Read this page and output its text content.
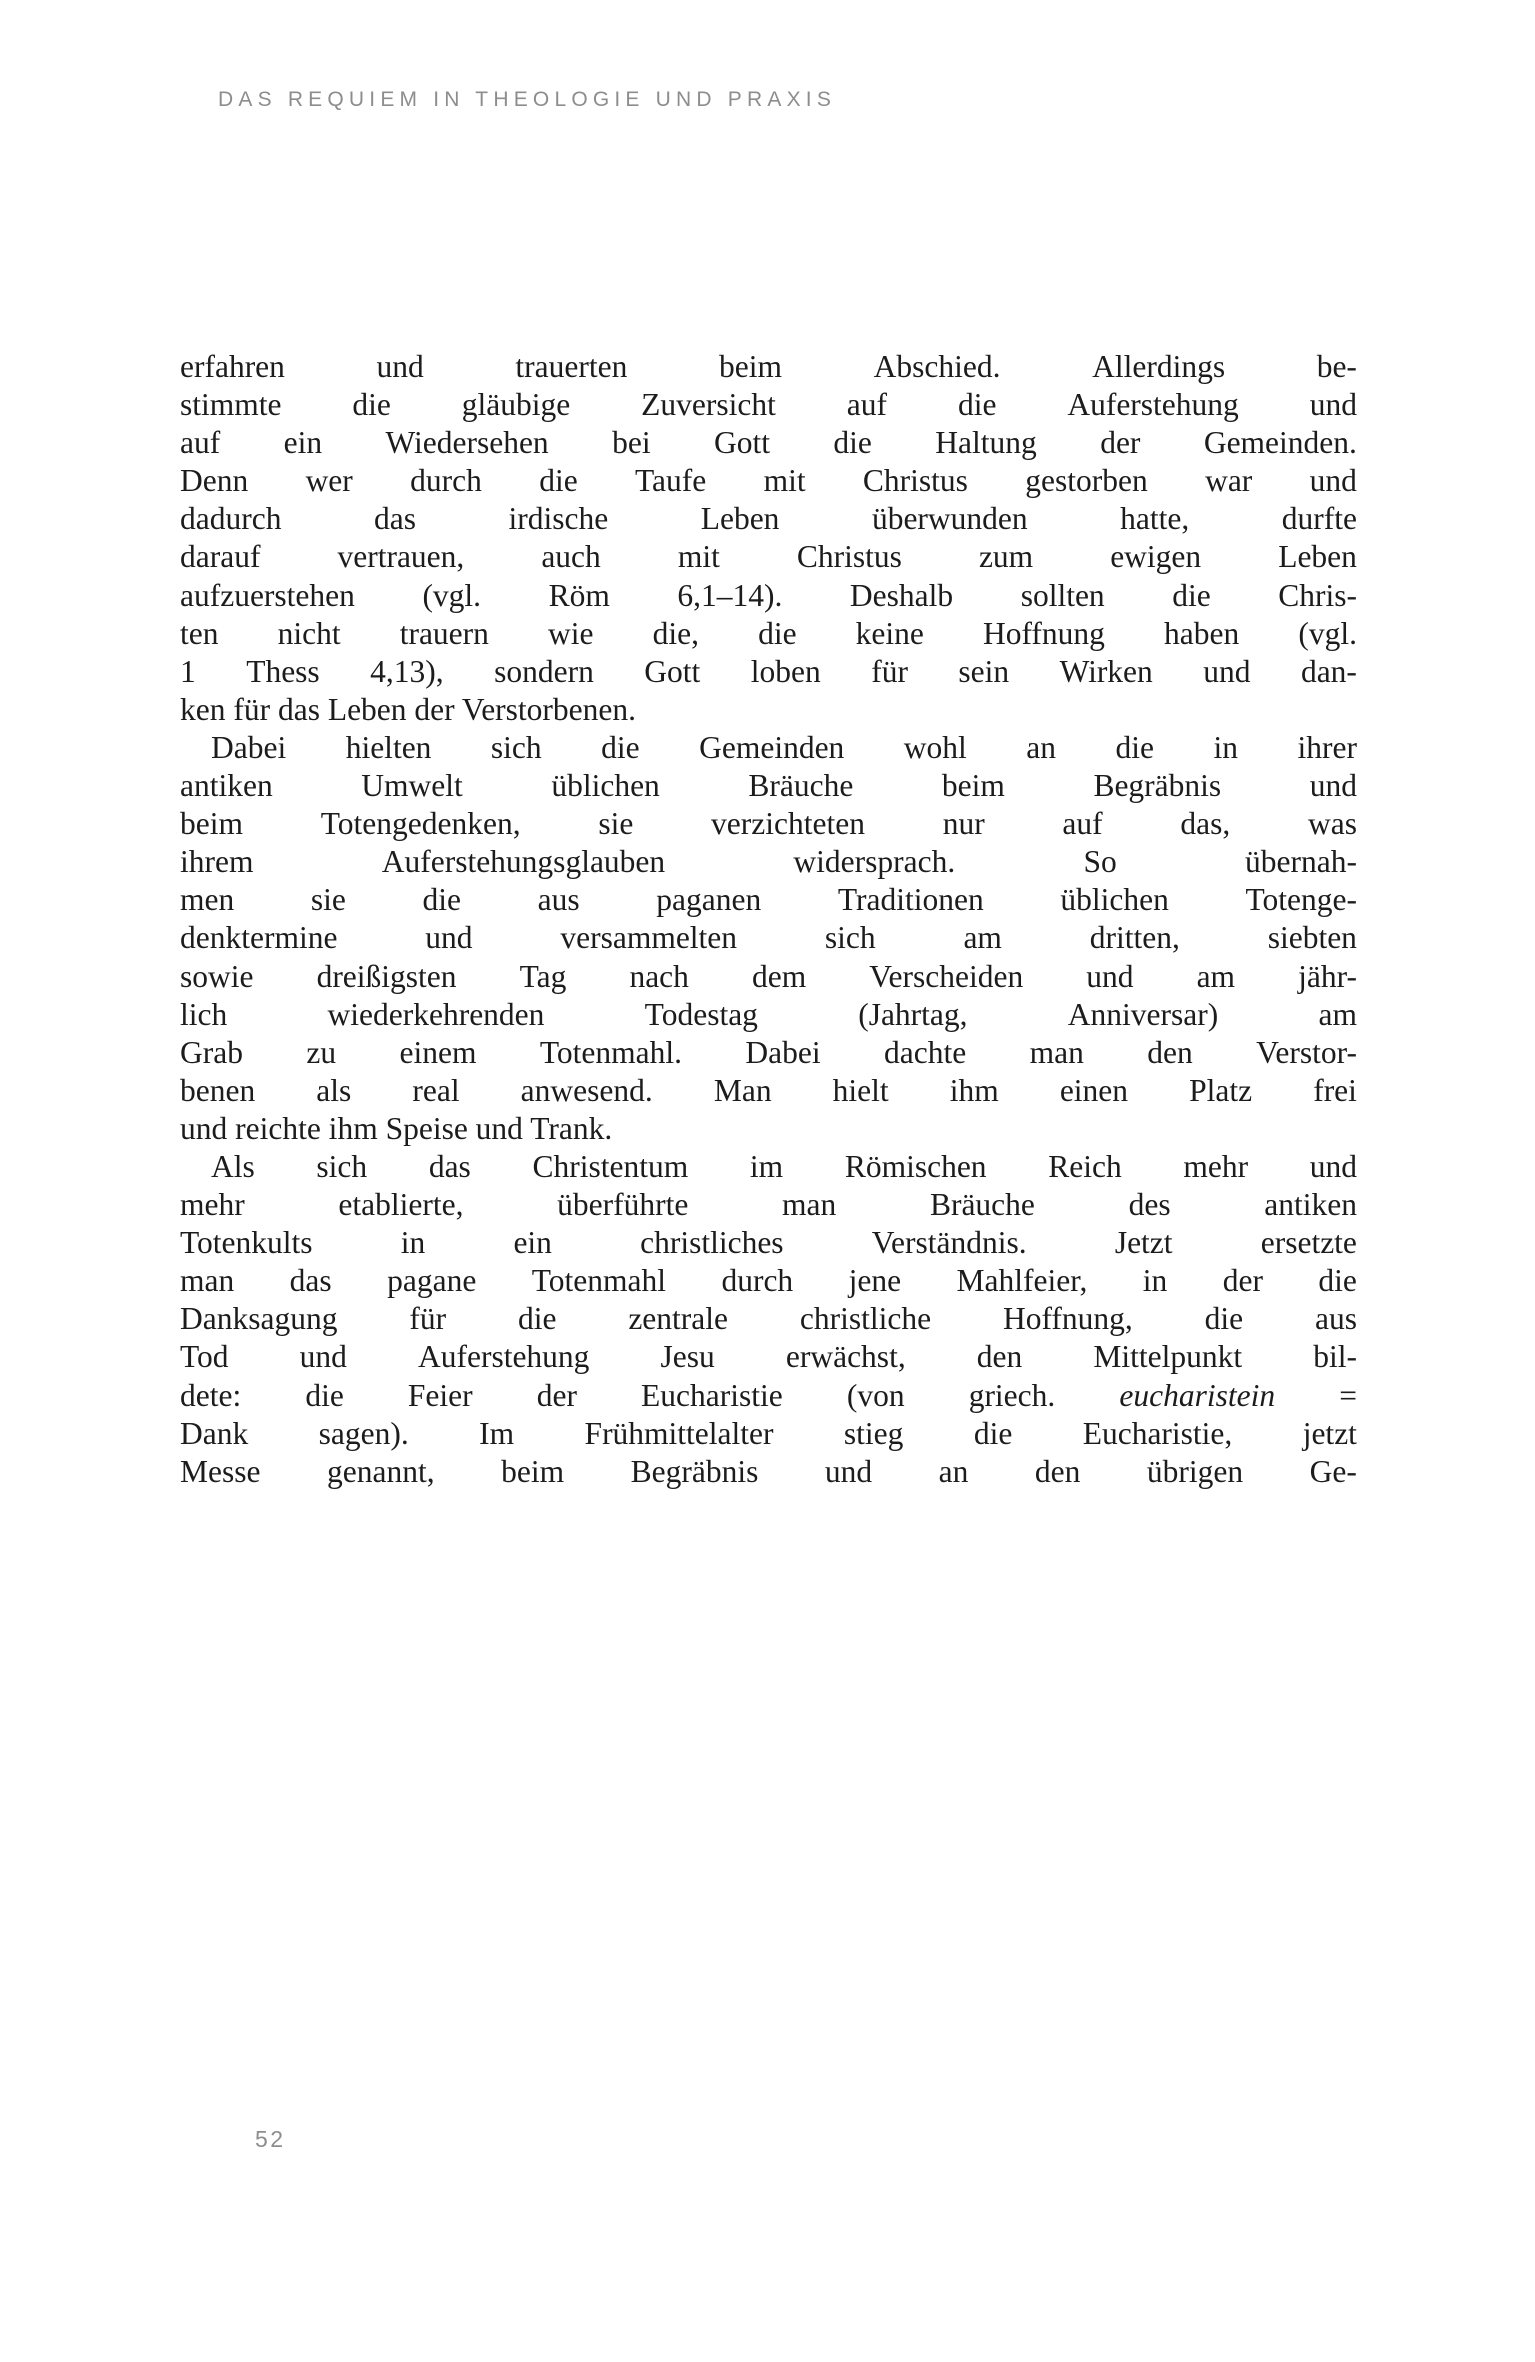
DAS REQUIEM IN THEOLOGIE UND PRAXIS
erfahren	und	trauerten	beim	Abschied.	Allerdings	be-
stimmte die gläubige Zuversicht auf die Auferstehung und
auf ein Wiedersehen bei Gott die Haltung der Gemeinden.
Denn wer durch die Taufe mit Christus gestorben war und
dadurch	das	irdische	Leben	überwunden	hatte,	durfte
darauf vertrauen, auch mit Christus zum ewigen Leben
aufzuerstehen (vgl. Röm 6,1–14). Deshalb sollten die Chris-
ten nicht trauern wie die, die keine Hoffnung haben (vgl.
1 Thess 4,13), sondern Gott loben für sein Wirken und dan-
ken für das Leben der Verstorbenen.
Dabei hielten sich die Gemeinden wohl an die in ihrer
antiken	Umwelt	üblichen	Bräuche	beim	Begräbnis	und
beim Totengedenken, sie verzichteten nur auf das, was
ihrem	Auferstehungsglauben	widersprach.	So	übernah-
men sie die aus paganen Traditionen üblichen Totenge-
denktermine	und	versammelten	sich	am	dritten,	siebten
sowie dreißigsten Tag nach dem Verscheiden und am jähr-
lich	wiederkehrenden	Todestag	(Jahrtag,	Anniversar)	am
Grab zu einem Totenmahl. Dabei dachte man den Verstor-
benen als real anwesend. Man hielt ihm einen Platz frei
und reichte ihm Speise und Trank.
Als sich das Christentum im Römischen Reich mehr und
mehr	etablierte,	überführte	man	Bräuche	des	antiken
Totenkults	in	ein	christliches	Verständnis.	Jetzt	ersetzte
man das pagane Totenmahl durch jene Mahlfeier, in der die
Danksagung für die zentrale christliche Hoffnung, die aus
Tod und Auferstehung Jesu erwächst, den Mittelpunkt bil-
dete: die Feier der Eucharistie (von griech. eucharistein =
Dank sagen). Im Frühmittelalter stieg die Eucharistie, jetzt
Messe genannt, beim Begräbnis und an den übrigen Ge-
52
